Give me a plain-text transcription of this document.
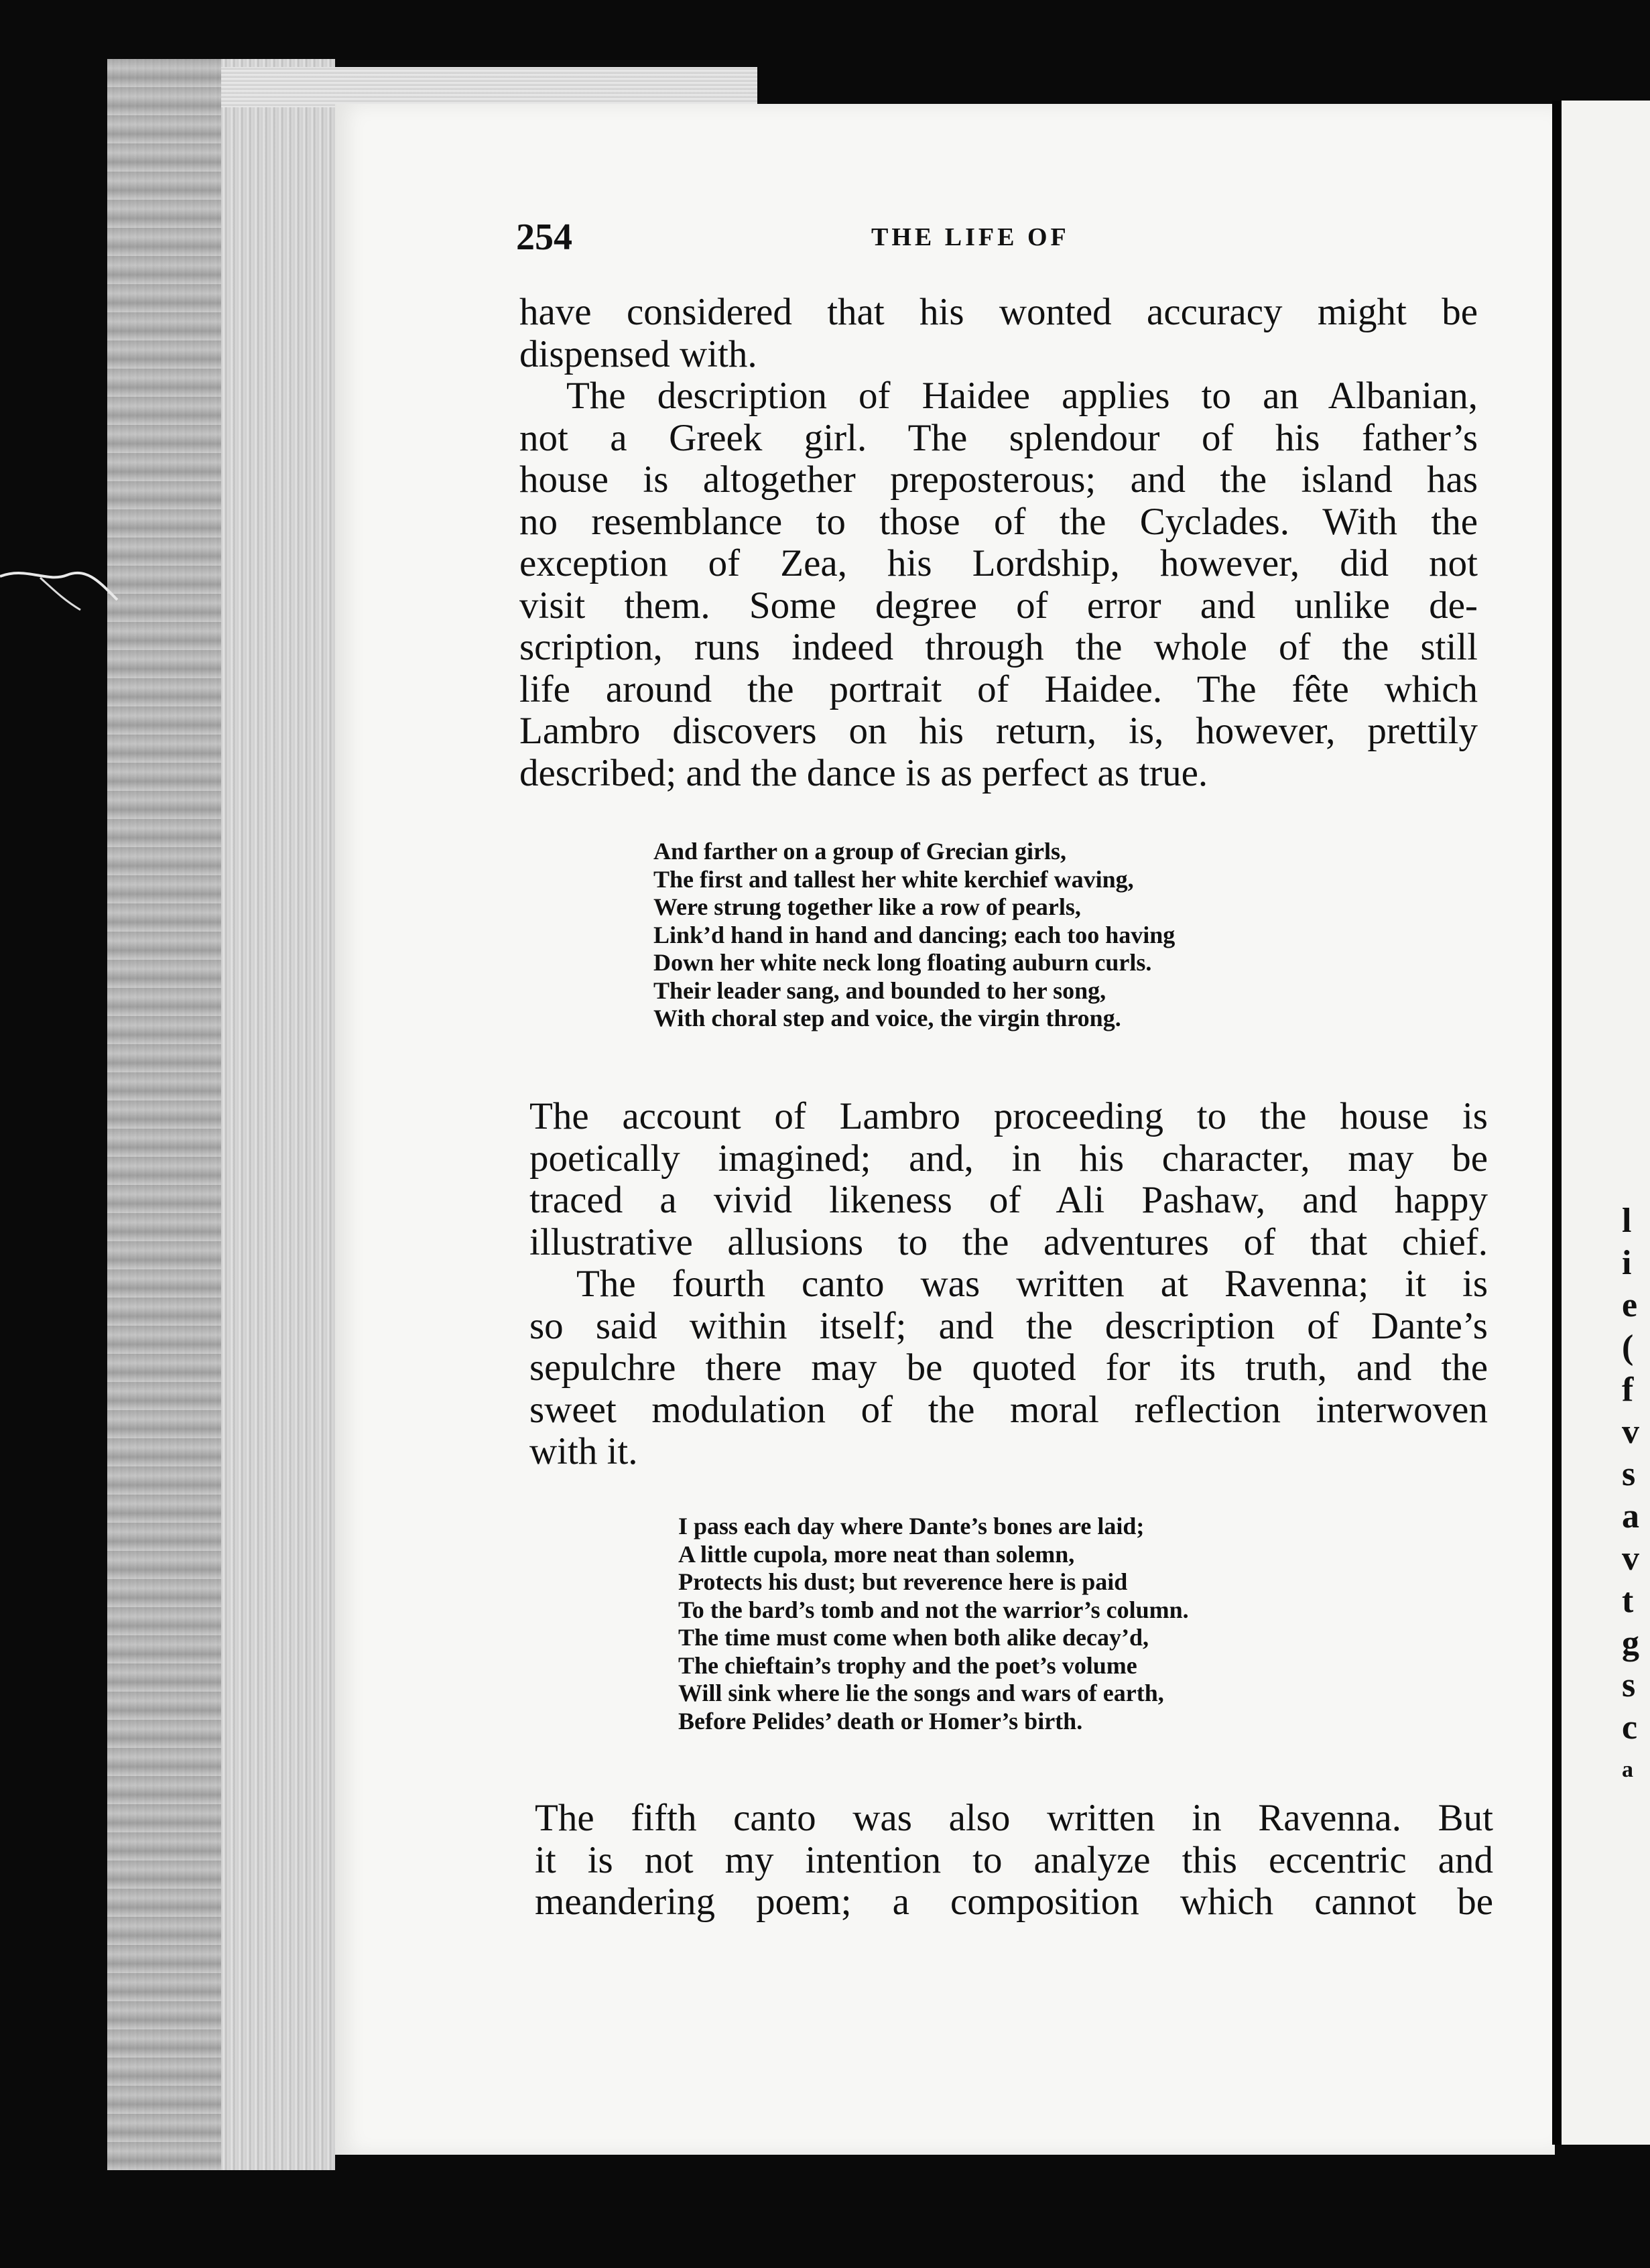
l
i
e
(
f
v
s
a
v
t
g
s
c
a
254	THE LIFE OF
have considered that his wonted accuracy might be
dispensed with.
The description of Haidee applies to an Albanian,
not a Greek girl. The splendour of his father’s
house is altogether preposterous; and the island has
no resemblance to those of the Cyclades. With the
exception of Zea, his Lordship, however, did not
visit them. Some degree of error and unlike de-
scription, runs indeed through the whole of the still
life around the portrait of Haidee. The fête which
Lambro discovers on his return, is, however, prettily
described; and the dance is as perfect as true.
And farther on a group of Grecian girls,
The first and tallest her white kerchief waving,
Were strung together like a row of pearls,
Link’d hand in hand and dancing; each too having
Down her white neck long floating auburn curls.
Their leader sang, and bounded to her song,
With choral step and voice, the virgin throng.
The account of Lambro proceeding to the house is
poetically imagined; and, in his character, may be
traced a vivid likeness of Ali Pashaw, and happy
illustrative allusions to the adventures of that chief.
The fourth canto was written at Ravenna; it is
so said within itself; and the description of Dante’s
sepulchre there may be quoted for its truth, and the
sweet modulation of the moral reflection interwoven
with it.
I pass each day where Dante’s bones are laid;
A little cupola, more neat than solemn,
Protects his dust; but reverence here is paid
To the bard’s tomb and not the warrior’s column.
The time must come when both alike decay’d,
The chieftain’s trophy and the poet’s volume
Will sink where lie the songs and wars of earth,
Before Pelides’ death or Homer’s birth.
The fifth canto was also written in Ravenna. But
it is not my intention to analyze this eccentric and
meandering poem; a composition which cannot be
